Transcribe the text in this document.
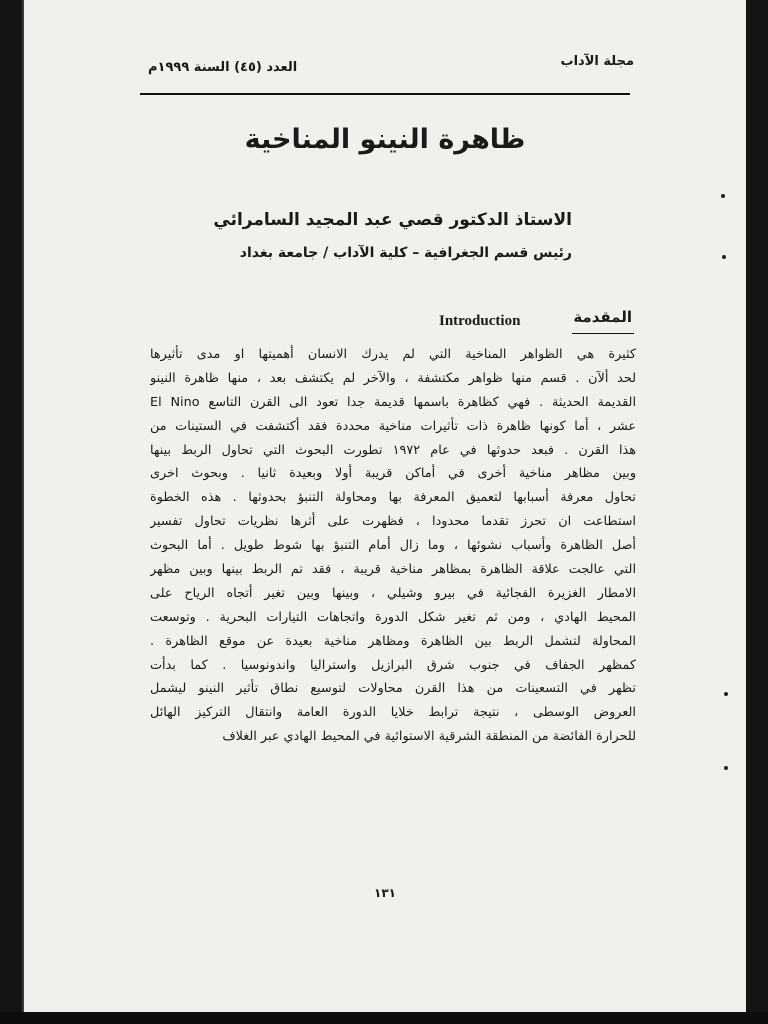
مجلة الآداب
العدد (٤٥) السنة ١٩٩٩م
ظاهرة النينو المناخية
الاستاذ الدكتور قصي عبد المجيد السامرائي
رئيس قسم الجغرافية – كلية الآداب / جامعة بغداد
المقدمة
Introduction
كثيرة هي الظواهر المناخية التي لم يدرك الانسان أهميتها او مدى تأثيرها
لحد ألآن . قسم منها ظواهر مكتشفة ، والآخر لم يكتشف بعد ، منها ظاهرة النينو
القديمة الحديثة . فهي كظاهرة باسمها قديمة جدا تعود الى القرن التاسع El Nino
عشر ، أما كونها ظاهرة ذات تأثيرات مناخية محددة فقد أكتشفت في الستينات من
هذا القرن . فبعد حدوثها في عام ١٩٧٢ تطورت البحوث التي تحاول الربط بينها
وبين مظاهر مناخية أخرى في أماكن قريبة أولا وبعيدة ثانيا . وبحوث اخرى
تحاول معرفة أسبابها لتعميق المعرفة بها ومحاولة التنبؤ بحدوثها . هذه الخطوة
استطاعت ان تحرز تقدما محدودا ، فظهرت على أثرها نظريات تحاول تفسير
أصل الظاهرة وأسباب نشوئها ، وما زال أمام التنبؤ بها شوط طويل . أما البحوث
التي عالجت علاقة الظاهرة بمظاهر مناخية قريبة ، فقد تم الربط بينها وبين مظهر
الامطار الغزيرة الفجائية في بيرو وشيلي ، وبينها وبين تغير أتجاه الرياح على
المحيط الهادي ، ومن ثم تغير شكل الدورة واتجاهات التيارات البحرية . وتوسعت
المحاولة لتشمل الربط بين الظاهرة ومظاهر مناخية بعيدة عن موقع الظاهرة .
كمظهر الجفاف في جنوب شرق البرازيل واستراليا واندونوسيا . كما بدأت
تظهر في التسعينات من هذا القرن محاولات لتوسيع نطاق تأثير النينو ليشمل
العروض الوسطى ، نتيجة ترابط خلايا الدورة العامة وانتقال التركيز الهائل
للحرارة الفائضة من المنطقة الشرقية الاستوائية في المحيط الهادي عبر الغلاف
١٣١
